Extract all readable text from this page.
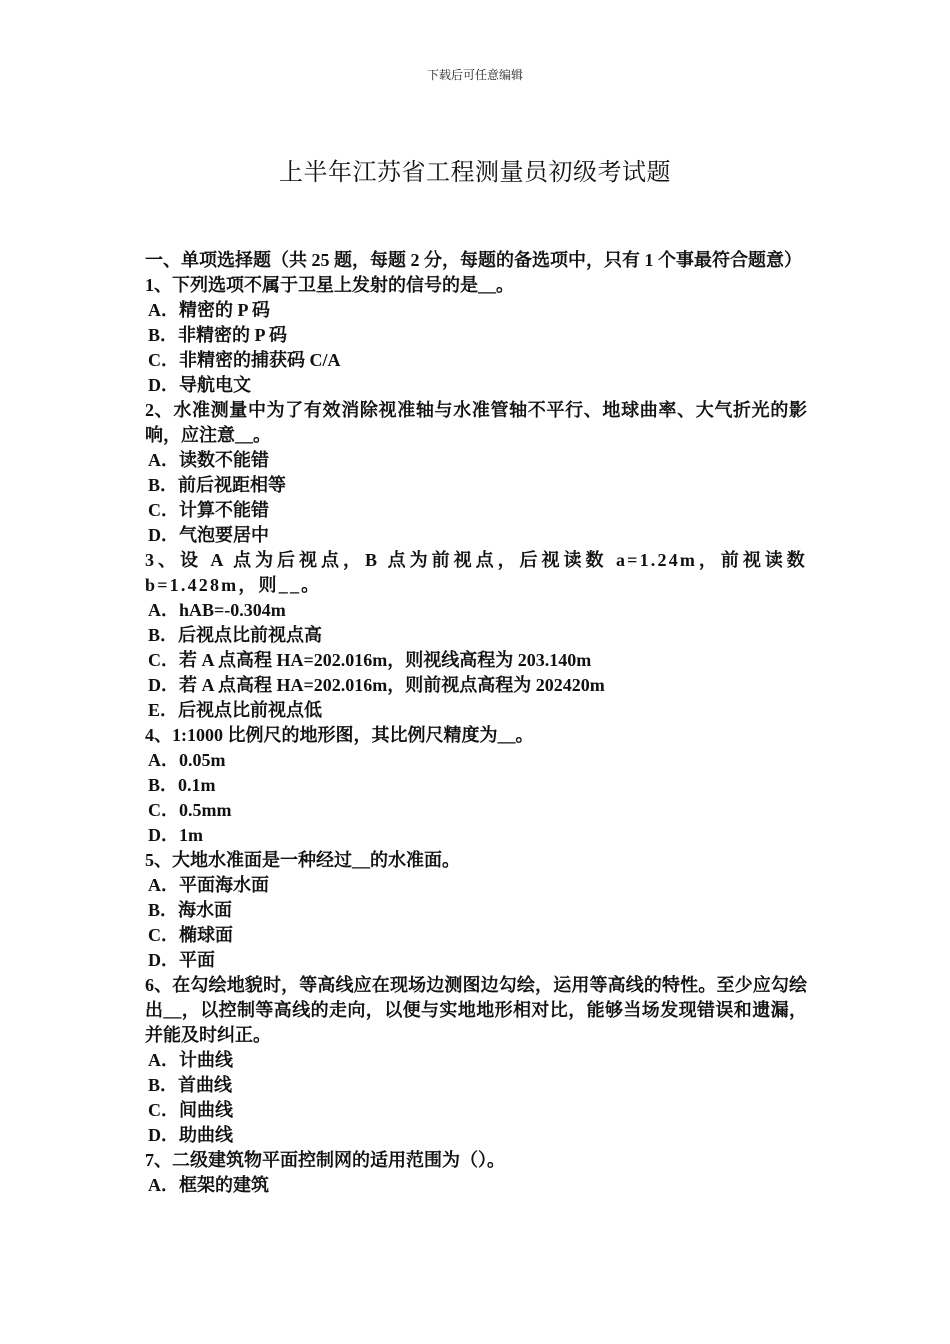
下载后可任意编辑
上半年江苏省工程测量员初级考试题

一、单项选择题（共 25 题，每题 2 分，每题的备选项中，只有 1 个事最符合题意）

1、下列选项不属于卫星上发射的信号的是__。

A．精密的 P 码

B．非精密的 P 码

C．非精密的捕获码 C/A

D．导航电文

2、水准测量中为了有效消除视准轴与水准管轴不平行、地球曲率、大气折光的影响，应注意__。

A．读数不能错

B．前后视距相等

C．计算不能错

D．气泡要居中

3、设 A 点为后视点，B 点为前视点，后视读数 a=1.24m，前视读数 b=1.428m，则__。

A．hAB=-0.304m

B．后视点比前视点高

C．若 A 点高程 HA=202.016m，则视线高程为 203.140m

D．若 A 点高程 HA=202.016m，则前视点高程为 202420m

E．后视点比前视点低

4、1:1000 比例尺的地形图，其比例尺精度为__。

A．0.05m

B．0.1m

C．0.5mm

D．1m

5、大地水准面是一种经过__的水准面。

A．平面海水面

B．海水面

C．椭球面

D．平面

6、在勾绘地貌时，等高线应在现场边测图边勾绘，运用等高线的特性。至少应勾绘出__，以控制等高线的走向，以便与实地地形相对比，能够当场发现错误和遗漏，并能及时纠正。

A．计曲线

B．首曲线

C．间曲线

D．助曲线

7、二级建筑物平面控制网的适用范围为（）。

A．框架的建筑
